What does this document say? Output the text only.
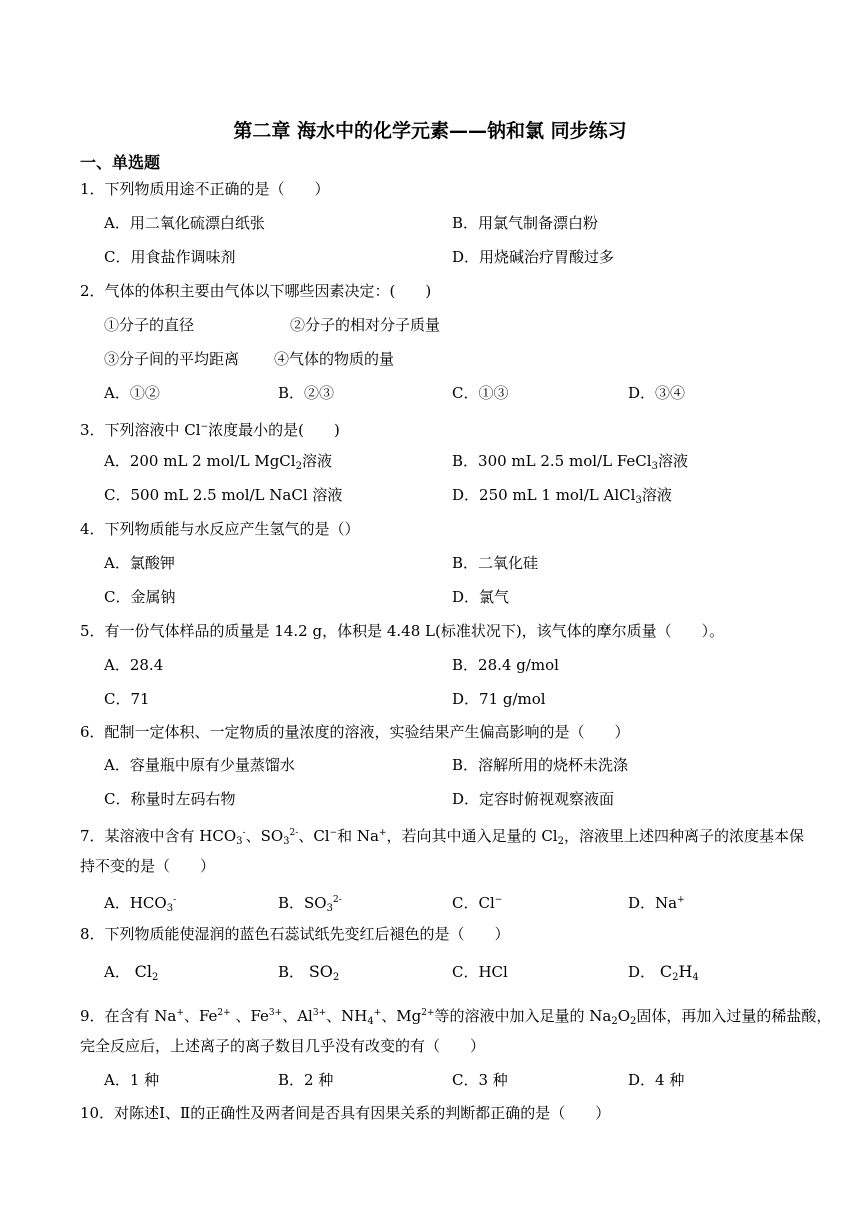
第二章 海水中的化学元素——钠和氯 同步练习
一、单选题
1．下列物质用途不正确的是（　　）
A．用二氧化硫漂白纸张	B．用氯气制备漂白粉
C．用食盐作调味剂	D．用烧碱治疗胃酸过多
2．气体的体积主要由气体以下哪些因素决定：(　　)
①分子的直径	②分子的相对分子质量
③分子间的平均距离 ④气体的物质的量
A．①②	B．②③	C．①③	D．③④
3．下列溶液中 Cl−浓度最小的是(　　)
A．200 mL 2 mol/L MgCl$_2$溶液	B．300 mL 2.5 mol/L FeCl$_3$溶液
C．500 mL 2.5 mol/L NaCl 溶液	D．250 mL 1 mol/L AlCl$_3$溶液
4．下列物质能与水反应产生氢气的是（）
A．氯酸钾	B．二氧化硅
C．金属钠	D．氯气
5．有一份气体样品的质量是 14.2 g，体积是 4.48 L(标准状况下)，该气体的摩尔质量（　　）。
A．28.4	B．28.4 g/mol
C．71	D．71 g/mol
6．配制一定体积、一定物质的量浓度的溶液，实验结果产生偏高影响的是（　　）
A．容量瓶中原有少量蒸馏水	B．溶解所用的烧杯未洗涤
C．称量时左码右物	D．定容时俯视观察液面
7．某溶液中含有 $HCO_3^-$、$SO_3^{2-}$、Cl−和 Na+，若向其中通入足量的 $Cl_2$，溶液里上述四种离子的浓度基本保
持不变的是（　　）
A．$HCO_3^-$	B．$SO_3^{2-}$	C．Cl−	D．Na+
8．下列物质能使湿润的蓝色石蕊试纸先变红后褪色的是（　　）
A． $Cl_2$	B． $SO_2$	C．HCl	D． $C_2H_4$
9．在含有 Na+、$Fe^{2+}$ 、$Fe^{3+}$、$Al^{3+}$、$NH_4^+$、$Mg^{2+}$等的溶液中加入足量的 $Na_2O_2$固体，再加入过量的稀盐酸，
完全反应后，上述离子的离子数目几乎没有改变的有（　　）
A．1 种	B．2 种	C．3 种	D．4 种
10．对陈述Ⅰ、Ⅱ的正确性及两者间是否具有因果关系的判断都正确的是（　　）
